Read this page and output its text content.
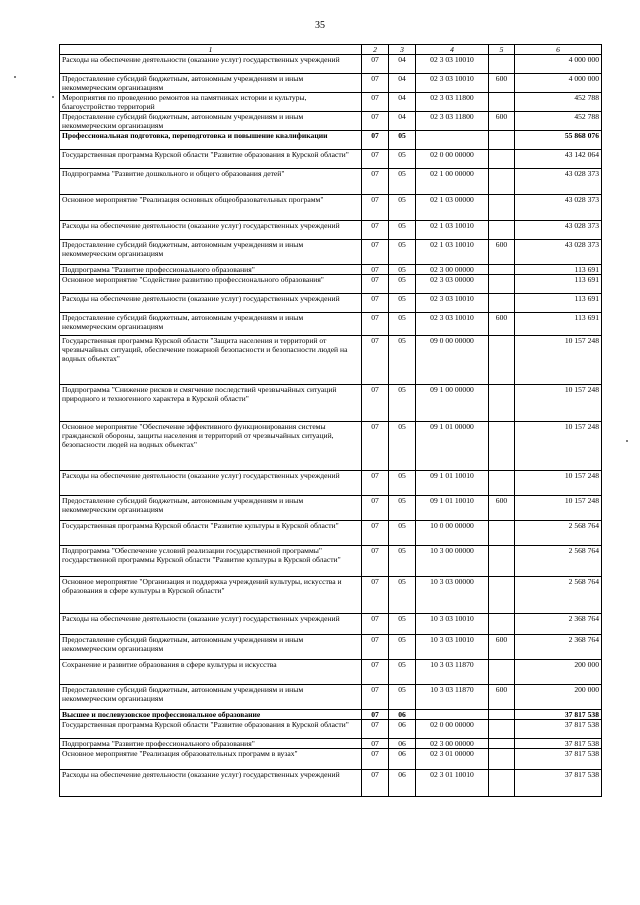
35
1	2	3	4	5	6
Расходы на обеспечение деятельности (оказание услуг) государственных учреждений	07	04	02 3 03 10010		4 000 000
Предоставление субсидий бюджетным, автономным учреждениям и иным некоммерческим организациям	07	04	02 3 03 10010	600	4 000 000
Мероприятия по проведению ремонтов на памятниках истории и культуры, благоустройство территорий	07	04	02 3 03 11800		452 788
Предоставление субсидий бюджетным, автономным учреждениям и иным некоммерческим организациям	07	04	02 3 03 11800	600	452 788
Профессиональная подготовка, переподготовка и повышение квалификации	07	05			55 868 076
Государственная программа Курской области "Развитие образования в Курской области"	07	05	02 0 00 00000		43 142 064
Подпрограмма "Развитие дошкольного и общего образования детей"	07	05	02 1 00 00000		43 028 373
Основное мероприятие "Реализация основных общеобразовательных программ"	07	05	02 1 03 00000		43 028 373
Расходы на обеспечение деятельности (оказание услуг) государственных учреждений	07	05	02 1 03 10010		43 028 373
Предоставление субсидий бюджетным, автономным учреждениям и иным некоммерческим организациям	07	05	02 1 03 10010	600	43 028 373
Подпрограмма "Развитие профессионального образования"	07	05	02 3 00 00000		113 691
Основное мероприятие "Содействие развитию профессионального образования"	07	05	02 3 03 00000		113 691
Расходы на обеспечение деятельности (оказание услуг) государственных учреждений	07	05	02 3 03 10010		113 691
Предоставление субсидий бюджетным, автономным учреждениям и иным некоммерческим организациям	07	05	02 3 03 10010	600	113 691
Государственная программа Курской области "Защита населения и территорий от чрезвычайных ситуаций, обеспечение пожарной безопасности и безопасности людей на водных объектах"	07	05	09 0 00 00000		10 157 248
Подпрограмма "Снижение рисков и смягчение последствий чрезвычайных ситуаций природного и техногенного характера в Курской области"	07	05	09 1 00 00000		10 157 248
Основное мероприятие "Обеспечение эффективного функционирования системы гражданской обороны, защиты населения и территорий от чрезвычайных ситуаций, безопасности людей на водных объектах"	07	05	09 1 01 00000		10 157 248
Расходы на обеспечение деятельности (оказание услуг) государственных учреждений	07	05	09 1 01 10010		10 157 248
Предоставление субсидий бюджетным, автономным учреждениям и иным некоммерческим организациям	07	05	09 1 01 10010	600	10 157 248
Государственная программа Курской области "Развитие культуры в Курской области"	07	05	10 0 00 00000		2 568 764
Подпрограмма "Обеспечение условий реализации государственной программы" государственной программы Курской области "Развитие культуры в Курской области"	07	05	10 3 00 00000		2 568 764
Основное мероприятие "Организация и поддержка учреждений культуры, искусства и образования в сфере культуры в Курской области"	07	05	10 3 03 00000		2 568 764
Расходы на обеспечение деятельности (оказание услуг) государственных учреждений	07	05	10 3 03 10010		2 368 764
Предоставление субсидий бюджетным, автономным учреждениям и иным некоммерческим организациям	07	05	10 3 03 10010	600	2 368 764
Сохранение и развитие образования в сфере культуры и искусства	07	05	10 3 03 11870		200 000
Предоставление субсидий бюджетным, автономным учреждениям и иным некоммерческим организациям	07	05	10 3 03 11870	600	200 000
Высшее и послевузовское профессиональное образование	07	06			37 817 538
Государственная программа Курской области "Развитие образования в Курской области"	07	06	02 0 00 00000		37 817 538
Подпрограмма "Развитие профессионального образования"	07	06	02 3 00 00000		37 817 538
Основное мероприятие "Реализация образовательных программ в вузах"	07	06	02 3 01 00000		37 817 538
Расходы на обеспечение деятельности (оказание услуг) государственных учреждений	07	06	02 3 01 10010		37 817 538
